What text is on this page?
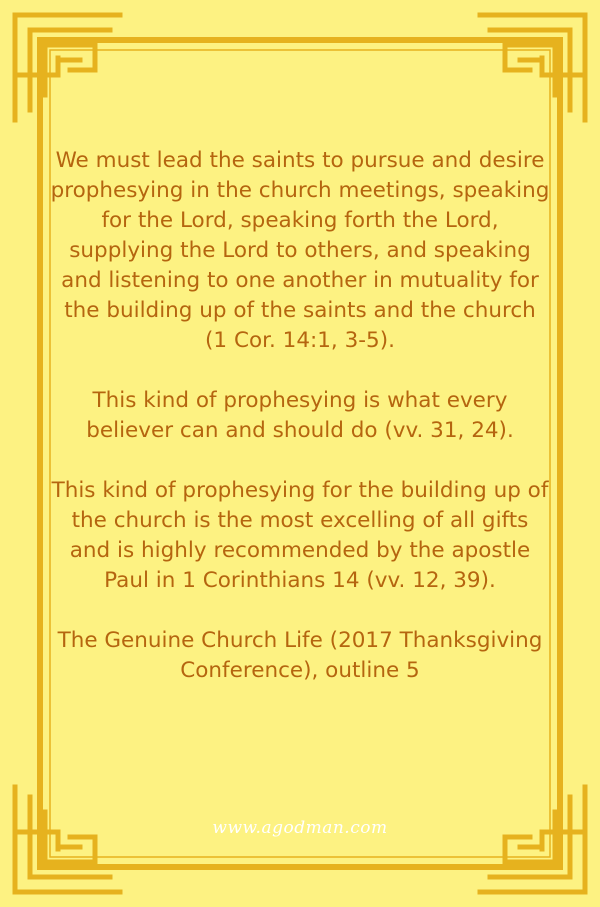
We must lead the saints to pursue and desire prophesying in the church meetings, speaking for the Lord, speaking forth the Lord, supplying the Lord to others, and speaking and listening to one another in mutuality for the building up of the saints and the church (1 Cor. 14:1, 3-5).

This kind of prophesying is what every believer can and should do (vv. 31, 24).

This kind of prophesying for the building up of the church is the most excelling of all gifts and is highly recommended by the apostle Paul in 1 Corinthians 14 (vv. 12, 39).

The Genuine Church Life (2017 Thanksgiving Conference), outline 5

www.agodman.com
